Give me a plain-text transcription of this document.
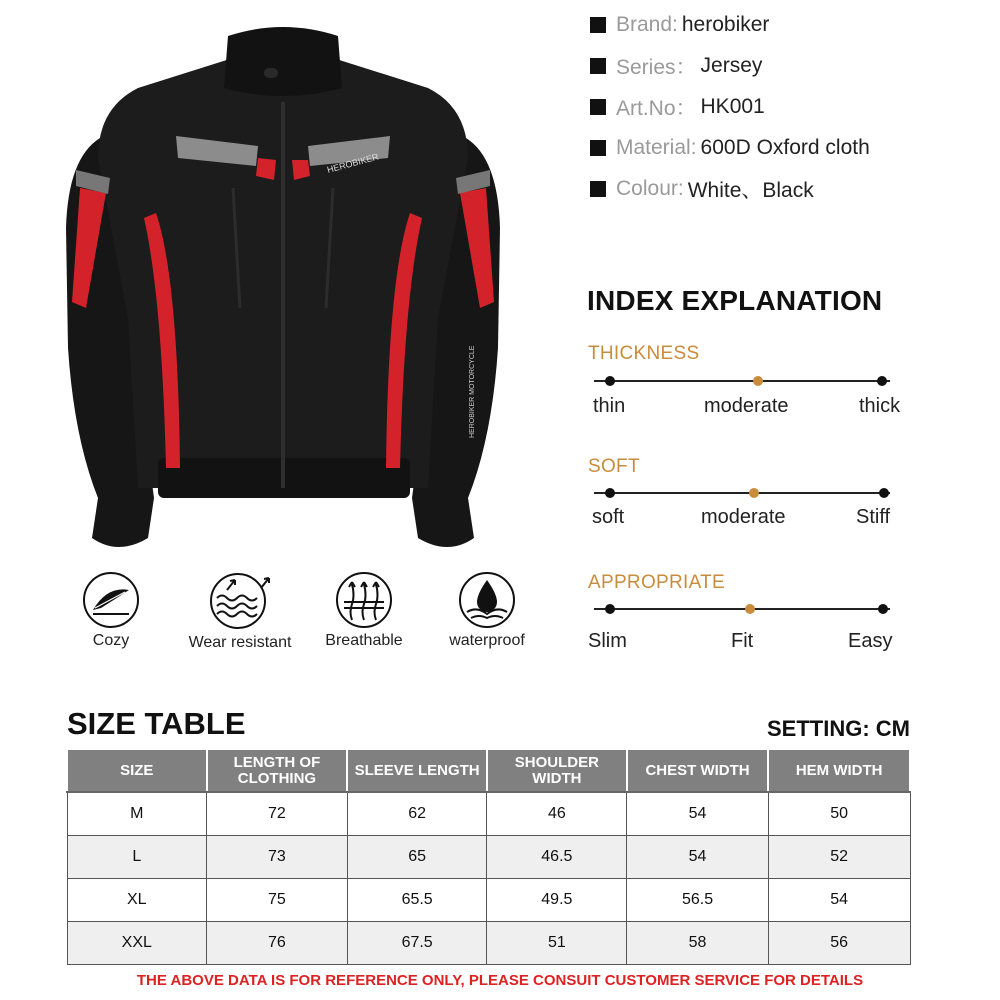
HEROBIKER
HEROBIKER MOTORCYCLE
Brand: herobiker
Series： Jersey
Art.No： HK001
Material: 600D Oxford cloth
Colour: White、Black
INDEX EXPLANATION
THICKNESS
thin	moderate	thick
SOFT
soft	moderate	Stiff
APPROPRIATE
Slim	Fit	Easy
Cozy	Wear resistant	Breathable	waterproof
SIZE TABLE	SETTING: CM
SIZE	LENGTH OF CLOTHING	SLEEVE LENGTH	SHOULDER WIDTH	CHEST WIDTH	HEM WIDTH
M	72	62	46	54	50
L	73	65	46.5	54	52
XL	75	65.5	49.5	56.5	54
XXL	76	67.5	51	58	56
THE ABOVE DATA IS FOR REFERENCE ONLY, PLEASE CONSUIT CUSTOMER SERVICE FOR DETAILS
